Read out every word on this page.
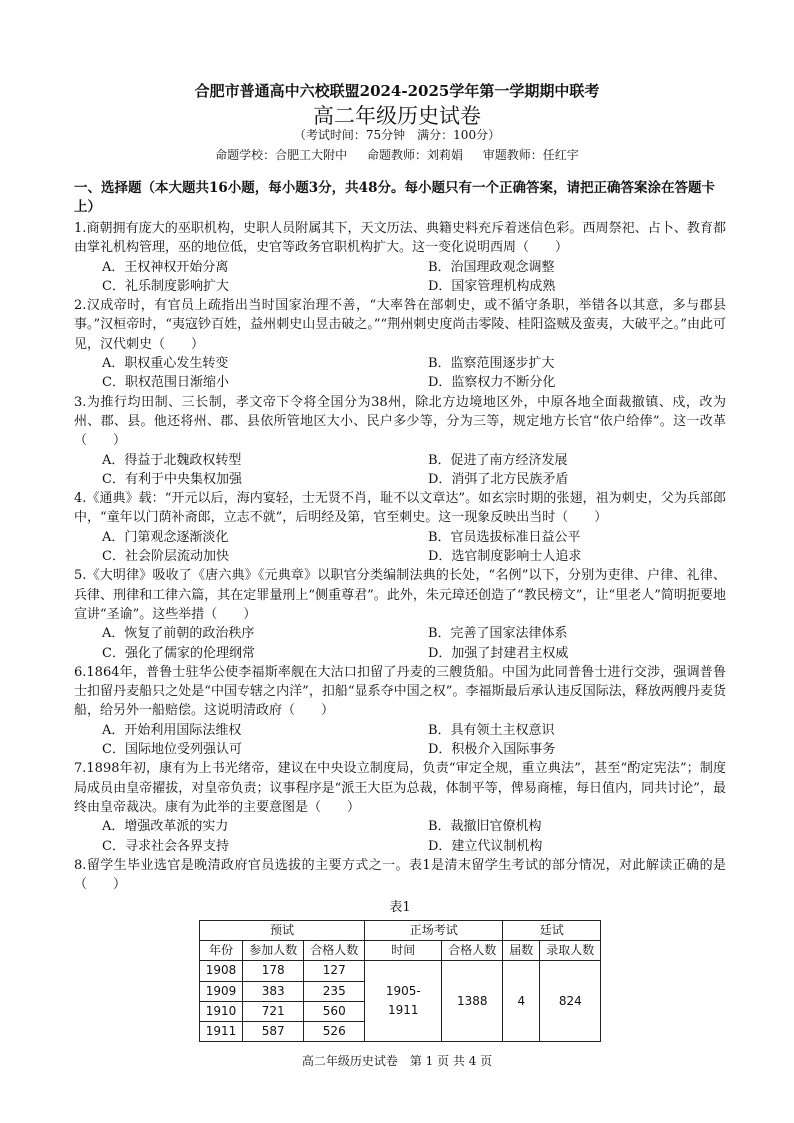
合肥市普通高中六校联盟2024-2025学年第一学期期中联考
高二年级历史试卷
（考试时间：75分钟　满分：100分）
命题学校：合肥工大附中　 命题教师：刘莉娟　 审题教师：任红宇
一、选择题（本大题共16小题，每小题3分，共48分。每小题只有一个正确答案，请把正确答案涂在答题卡上）
1.商朝拥有庞大的巫职机构，史职人员附属其下，天文历法、典籍史料充斥着迷信色彩。西周祭祀、占卜、教育都由掌礼机构管理，巫的地位低，史官等政务官职机构扩大。这一变化说明西周（　　）
A．王权神权开始分离	B．治国理政观念调整
C．礼乐制度影响扩大	D．国家管理机构成熟
2.汉成帝时，有官员上疏指出当时国家治理不善，“大率咎在部刺史，或不循守条职，举错各以其意，多与郡县事。”汉桓帝时，“夷寇钞百姓，益州刺史山昱击破之。”“荆州刺史度尚击零陵、桂阳盗贼及蛮夷，大破平之。”由此可见，汉代刺史（　　）
A．职权重心发生转变	B．监察范围逐步扩大
C．职权范围日渐缩小	D．监察权力不断分化
3.为推行均田制、三长制，孝文帝下令将全国分为38州，除北方边境地区外，中原各地全面裁撤镇、戍，改为州、郡、县。他还将州、郡、县依所管地区大小、民户多少等，分为三等，规定地方长官“依户给俸”。这一改革（　　）
A．得益于北魏政权转型	B．促进了南方经济发展
C．有利于中央集权加强	D．消弭了北方民族矛盾
4.《通典》载：“开元以后，海内宴轻，士无贤不肖，耻不以文章达”。如玄宗时期的张翅，祖为刺史，父为兵部郎中，“童年以门荫补斋郎，立志不就”，后明经及第，官至刺史。这一现象反映出当时（　　）
A．门第观念逐渐淡化	B．官员选拔标准日益公平
C．社会阶层流动加快	D．选官制度影响士人追求
5.《大明律》吸收了《唐六典》《元典章》以职官分类编制法典的长处，“名例”以下，分别为吏律、户律、礼律、兵律、刑律和工律六篇，其在定罪量刑上“侧重尊君”。此外，朱元璋还创造了“教民榜文”，让“里老人”简明扼要地宣讲“圣谕”。这些举措（　　）
A．恢复了前朝的政治秩序	B．完善了国家法律体系
C．强化了儒家的伦理纲常	D．加强了封建君主权威
6.1864年，普鲁士驻华公使李福斯率舰在大沽口扣留了丹麦的三艘货船。中国为此同普鲁士进行交涉，强调普鲁士扣留丹麦船只之处是“中国专辖之内洋”，扣船“显系夺中国之权”。李福斯最后承认违反国际法，释放两艘丹麦货船，给另外一船赔偿。这说明清政府（　　）
A．开始利用国际法维权	B．具有领土主权意识
C．国际地位受列强认可	D．积极介入国际事务
7.1898年初，康有为上书光绪帝，建议在中央设立制度局，负责“审定全规，重立典法”，甚至“酌定宪法”；制度局成员由皇帝擢拔，对皇帝负责；议事程序是“派王大臣为总裁，体制平等，俾易商榷，每日值内，同共讨论”，最终由皇帝裁决。康有为此举的主要意图是（　　）
A．增强改革派的实力	B．裁撤旧官僚机构
C．寻求社会各界支持	D．建立代议制机构
8.留学生毕业选官是晚清政府官员选拔的主要方式之一。表1是清末留学生考试的部分情况，对此解读正确的是（　　）
表1
预试			正场考试		廷试	
年份	参加人数	合格人数	时间	合格人数	届数	录取人数
1908	178	127	1905-1911	1388	4	824
1909	383	235				
1910	721	560				
1911	587	526				
高二年级历史试卷　第 1 页 共 4 页
